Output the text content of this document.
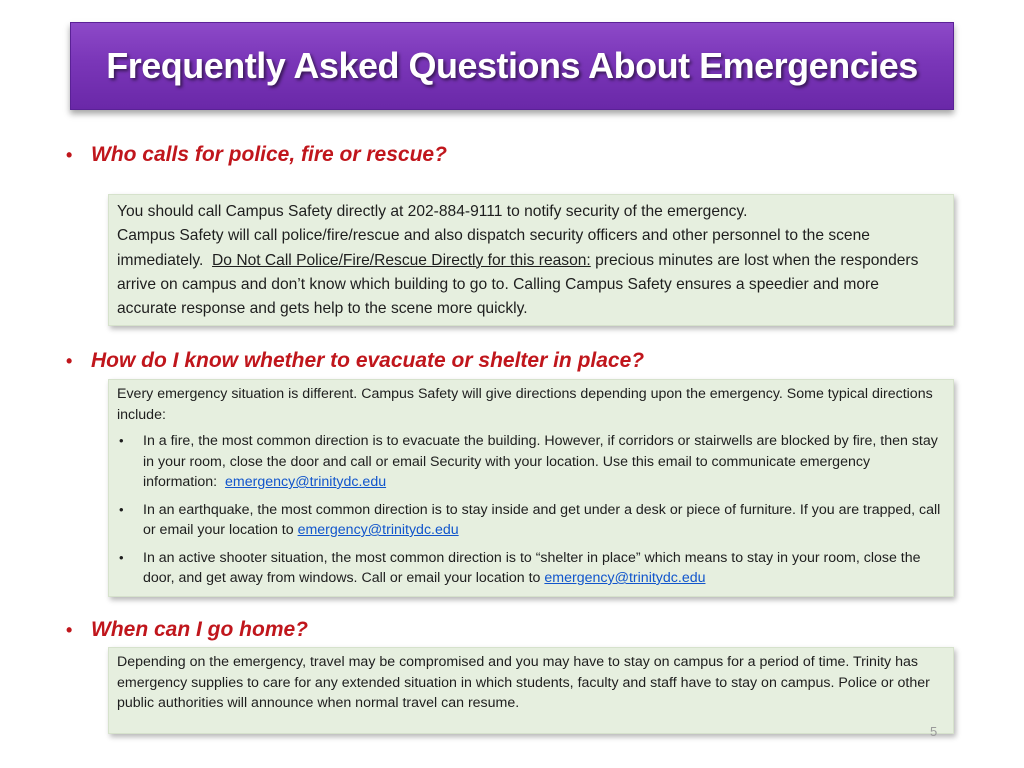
Frequently Asked Questions About Emergencies
• Who calls for police, fire or rescue?
You should call Campus Safety directly at 202-884-9111 to notify security of the emergency.
Campus Safety will call police/fire/rescue and also dispatch security officers and other personnel to the scene immediately. Do Not Call Police/Fire/Rescue Directly for this reason: precious minutes are lost when the responders arrive on campus and don’t know which building to go to. Calling Campus Safety ensures a speedier and more accurate response and gets help to the scene more quickly.
• How do I know whether to evacuate or shelter in place?
Every emergency situation is different. Campus Safety will give directions depending upon the emergency. Some typical directions include:
• In a fire, the most common direction is to evacuate the building. However, if corridors or stairwells are blocked by fire, then stay in your room, close the door and call or email Security with your location. Use this email to communicate emergency information: emergency@trinitydc.edu
• In an earthquake, the most common direction is to stay inside and get under a desk or piece of furniture. If you are trapped, call or email your location to emergency@trinitydc.edu
• In an active shooter situation, the most common direction is to “shelter in place” which means to stay in your room, close the door, and get away from windows. Call or email your location to emergency@trinitydc.edu
• When can I go home?
Depending on the emergency, travel may be compromised and you may have to stay on campus for a period of time. Trinity has emergency supplies to care for any extended situation in which students, faculty and staff have to stay on campus. Police or other public authorities will announce when normal travel can resume.
5
